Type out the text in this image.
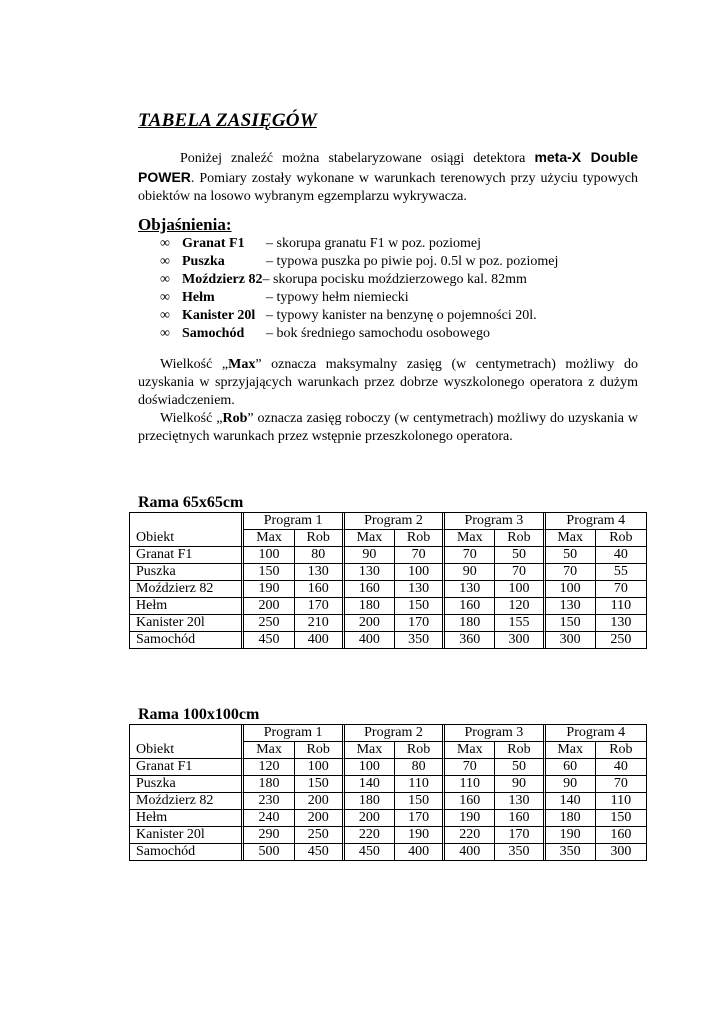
TABELA ZASIĘGÓW

Poniżej znaleźć można stabelaryzowane osiągi detektora meta-X Double POWER. Pomiary zostały wykonane w warunkach terenowych przy użyciu typowych obiektów na losowo wybranym egzemplarzu wykrywacza.

Objaśnienia:
∞ Granat F1	– skorupa granatu F1 w poz. poziomej
∞ Puszka	– typowa puszka po piwie poj. 0.5l w poz. poziomej
∞ Moździerz 82 – skorupa pocisku moździerzowego kal. 82mm
∞ Hełm	– typowy hełm niemiecki
∞ Kanister 20l – typowy kanister na benzynę o pojemności 20l.
∞ Samochód	– bok średniego samochodu osobowego

Wielkość „Max” oznacza maksymalny zasięg (w centymetrach) możliwy do uzyskania w sprzyjających warunkach przez dobrze wyszkolonego operatora z dużym doświadczeniem.

Wielkość „Rob” oznacza zasięg roboczy (w centymetrach) możliwy do uzyskania w przeciętnych warunkach przez wstępnie przeszkolonego operatora.

Rama 65x65cm
Obiekt	Program 1		Program 2		Program 3		Program 4	
	Max	Rob	Max	Rob	Max	Rob	Max	Rob
Granat F1	100	80	90	70	70	50	50	40
Puszka	150	130	130	100	90	70	70	55
Moździerz 82	190	160	160	130	130	100	100	70
Hełm	200	170	180	150	160	120	130	110
Kanister 20l	250	210	200	170	180	155	150	130
Samochód	450	400	400	350	360	300	300	250
Rama 100x100cm
Obiekt	Program 1		Program 2		Program 3		Program 4	
	Max	Rob	Max	Rob	Max	Rob	Max	Rob
Granat F1	120	100	100	80	70	50	60	40
Puszka	180	150	140	110	110	90	90	70
Moździerz 82	230	200	180	150	160	130	140	110
Hełm	240	200	200	170	190	160	180	150
Kanister 20l	290	250	220	190	220	170	190	160
Samochód	500	450	450	400	400	350	350	300
